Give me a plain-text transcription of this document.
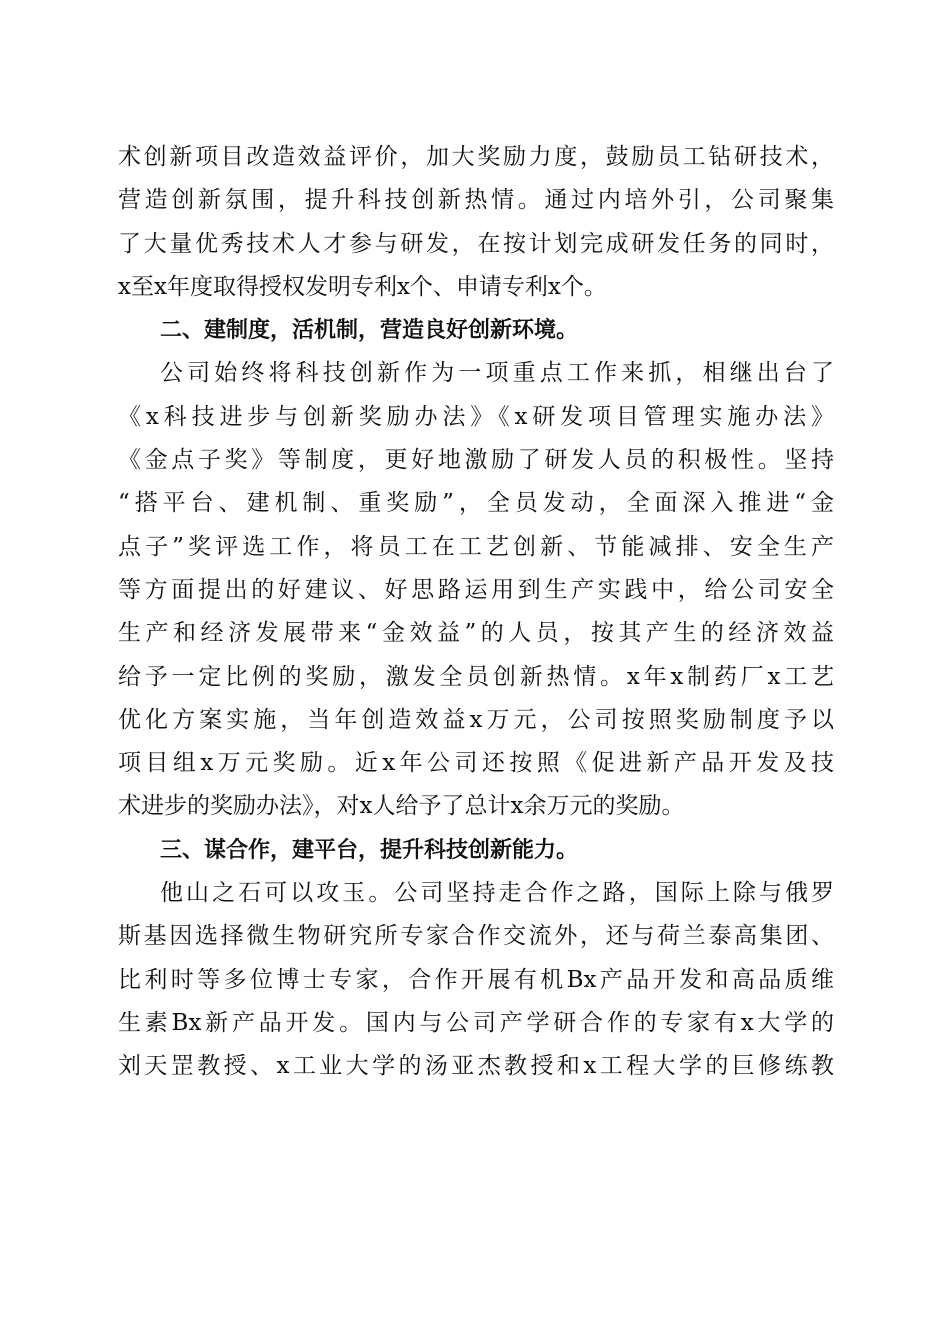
术创新项目改造效益评价，加大奖励力度，鼓励员工钻研技术，
营造创新氛围，提升科技创新热情。通过内培外引，公司聚集
了大量优秀技术人才参与研发，在按计划完成研发任务的同时，
x至x年度取得授权发明专利x个、申请专利x个。
二、建制度，活机制，营造良好创新环境。
公司始终将科技创新作为一项重点工作来抓，相继出台了
《x科技进步与创新奖励办法》《x研发项目管理实施办法》
《金点子奖》等制度，更好地激励了研发人员的积极性。坚持
“搭平台、建机制、重奖励”，全员发动，全面深入推进“金
点子”奖评选工作，将员工在工艺创新、节能减排、安全生产
等方面提出的好建议、好思路运用到生产实践中，给公司安全
生产和经济发展带来“金效益”的人员，按其产生的经济效益
给予一定比例的奖励，激发全员创新热情。x年x制药厂x工艺
优化方案实施，当年创造效益x万元，公司按照奖励制度予以
项目组x万元奖励。近x年公司还按照《促进新产品开发及技
术进步的奖励办法》，对x人给予了总计x余万元的奖励。
三、谋合作，建平台，提升科技创新能力。
他山之石可以攻玉。公司坚持走合作之路，国际上除与俄罗
斯基因选择微生物研究所专家合作交流外，还与荷兰泰高集团、
比利时等多位博士专家，合作开展有机Bx产品开发和高品质维
生素Bx新产品开发。国内与公司产学研合作的专家有x大学的
刘天罡教授、x工业大学的汤亚杰教授和x工程大学的巨修练教
